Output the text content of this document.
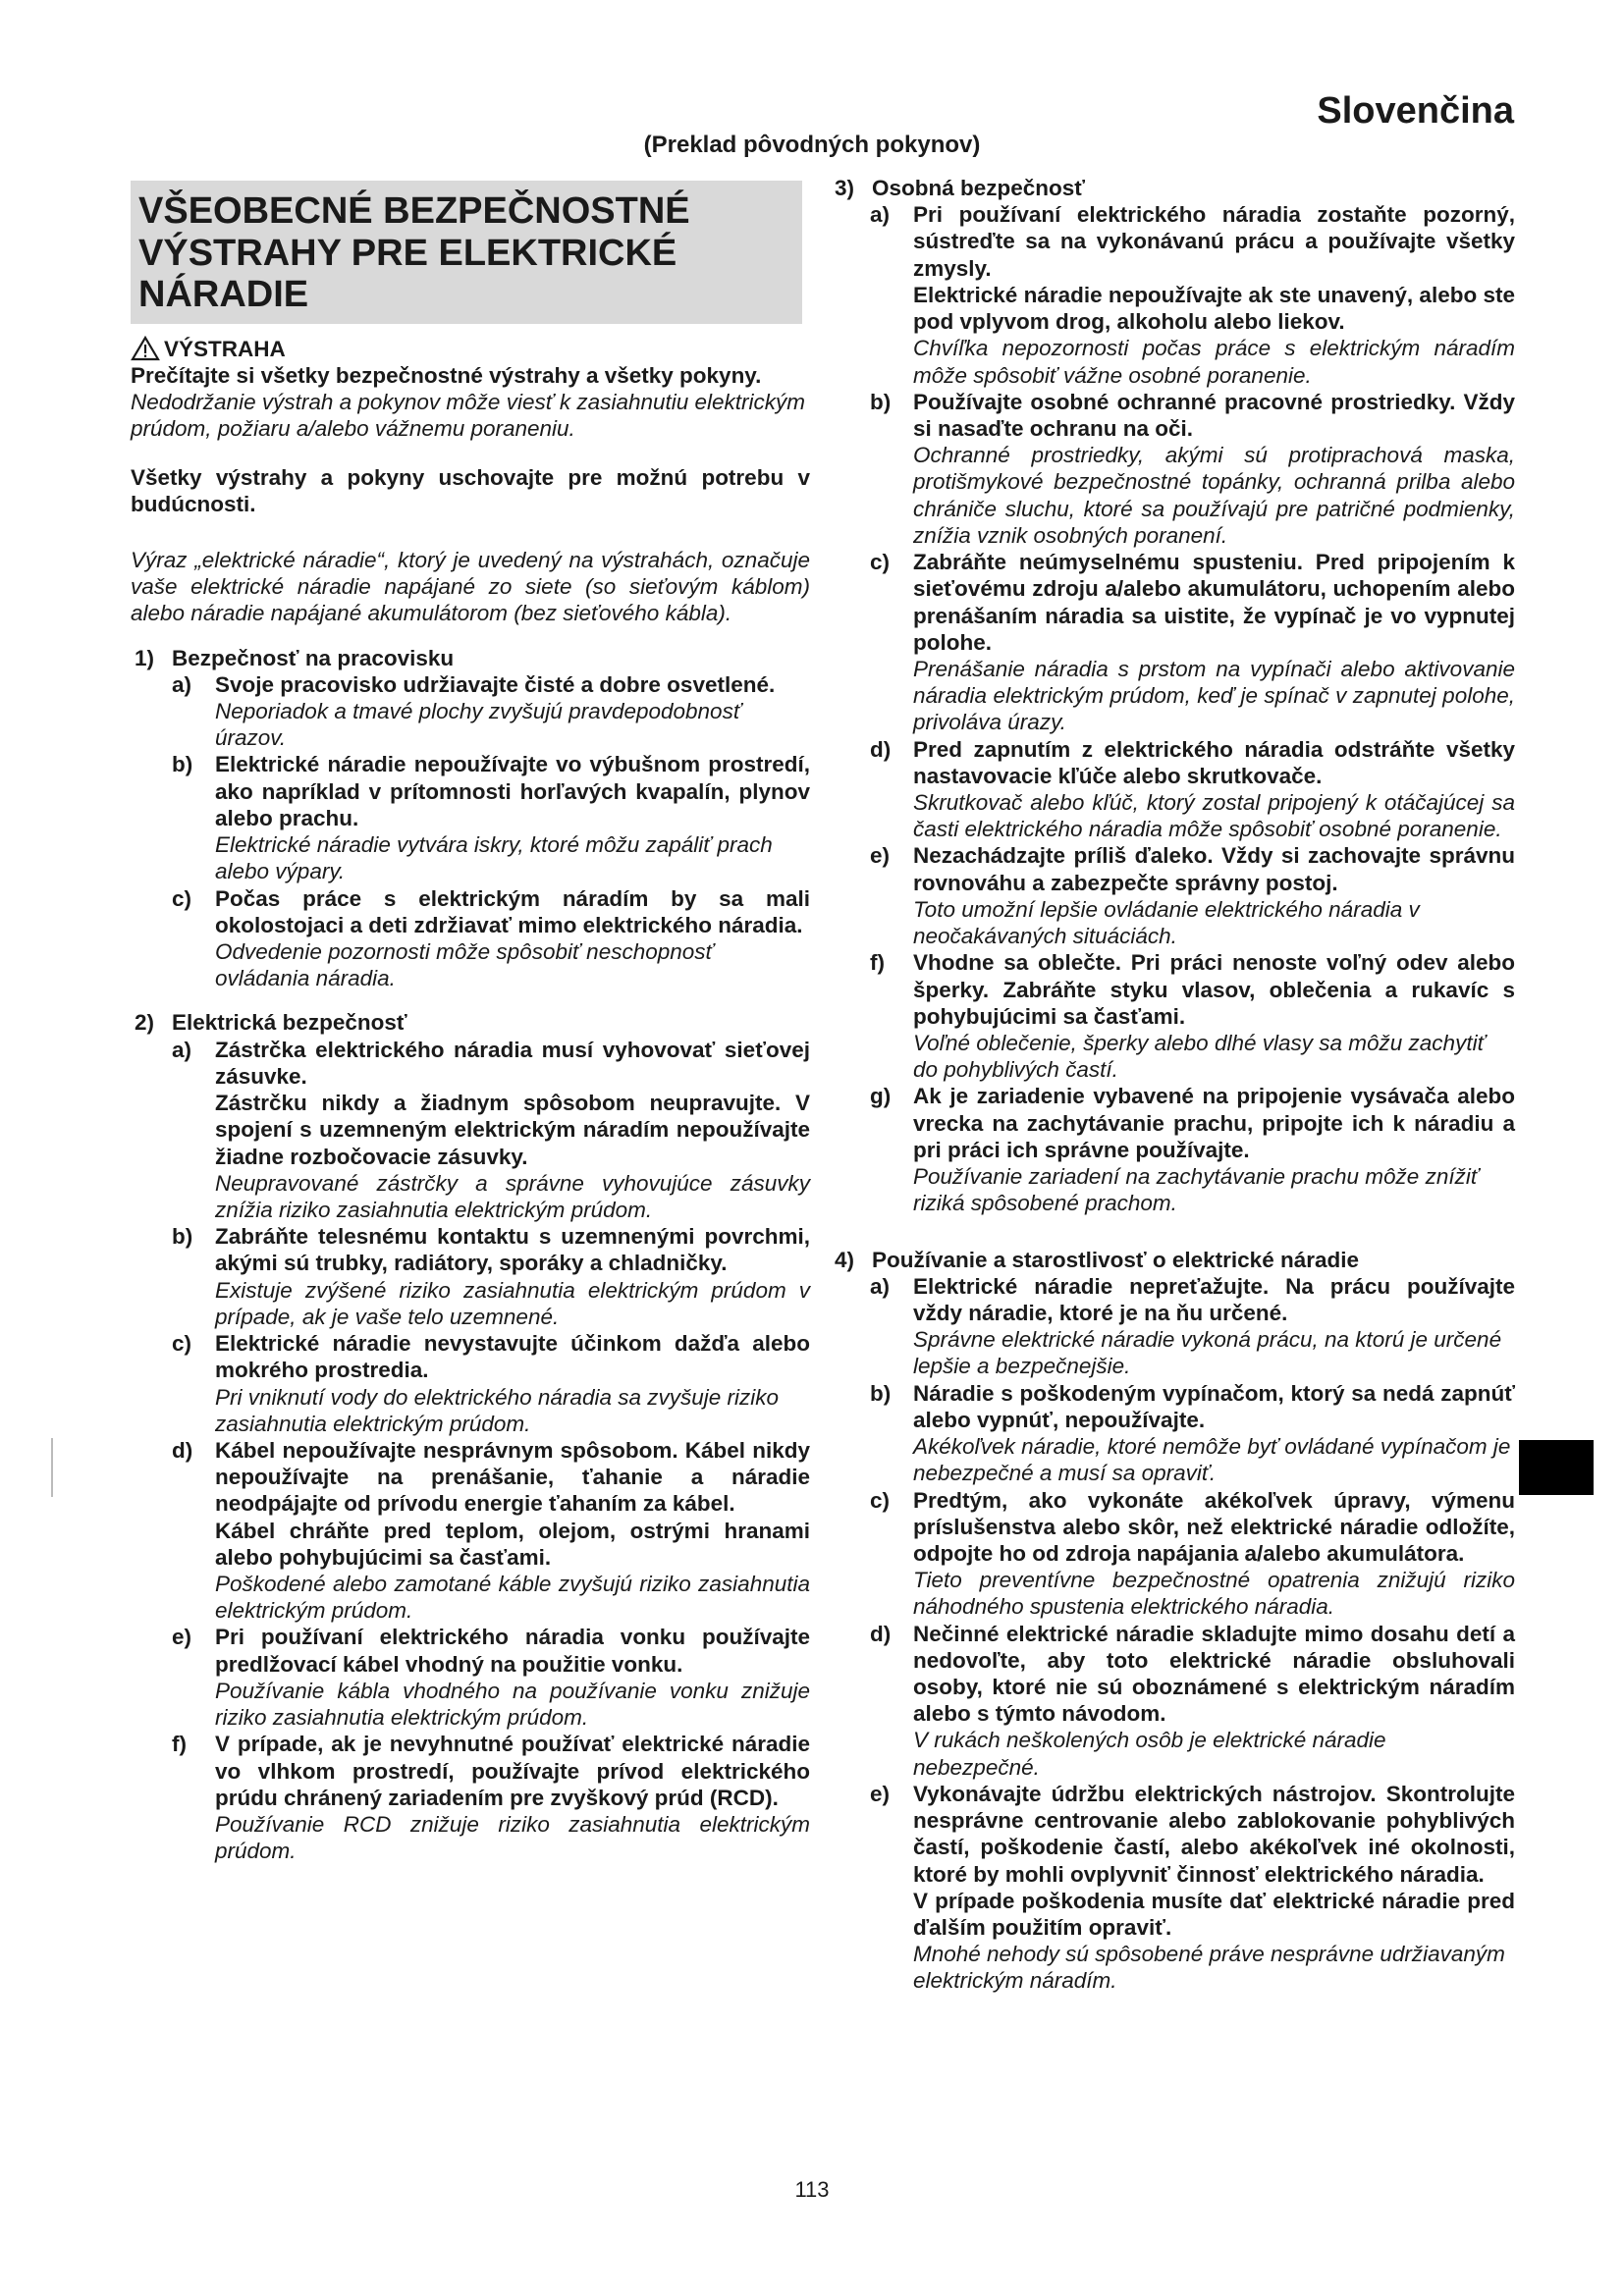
Slovenčina
(Preklad pôvodných pokynov)
VŠEOBECNÉ BEZPEČNOSTNÉ VÝSTRAHY PRE ELEKTRICKÉ NÁRADIE
VÝSTRAHA

Prečítajte si všetky bezpečnostné výstrahy a všetky pokyny.

Nedodržanie výstrah a pokynov môže viesť k zasiahnutiu elektrickým prúdom, požiaru a/alebo vážnemu poraneniu.

Všetky výstrahy a pokyny uschovajte pre možnú potrebu v budúcnosti.

Výraz „elektrické náradie“, ktorý je uvedený na výstrahách, označuje vaše elektrické náradie napájané zo siete (so sieťovým káblom) alebo náradie napájané akumulátorom (bez sieťového kábla).

1) Bezpečnosť na pracovisku

a) Svoje pracovisko udržiavajte čisté a dobre osvetlené.

Neporiadok a tmavé plochy zvyšujú pravdepodobnosť úrazov.

b) Elektrické náradie nepoužívajte vo výbušnom prostredí, ako napríklad v prítomnosti horľavých kvapalín, plynov alebo prachu.

Elektrické náradie vytvára iskry, ktoré môžu zapáliť prach alebo výpary.

c) Počas práce s elektrickým náradím by sa mali okolostojaci a deti zdržiavať mimo elektrického náradia.

Odvedenie pozornosti môže spôsobiť neschopnosť ovládania náradia.

2) Elektrická bezpečnosť

a) Zástrčka elektrického náradia musí vyhovovať sieťovej zásuvke.

Zástrčku nikdy a žiadnym spôsobom neupravujte. V spojení s uzemneným elektrickým náradím nepoužívajte žiadne rozbočovacie zásuvky.

Neupravované zástrčky a správne vyhovujúce zásuvky znížia riziko zasiahnutia elektrickým prúdom.

b) Zabráňte telesnému kontaktu s uzemnenými povrchmi, akými sú trubky, radiátory, sporáky a chladničky.

Existuje zvýšené riziko zasiahnutia elektrickým prúdom v prípade, ak je vaše telo uzemnené.

c) Elektrické náradie nevystavujte účinkom dažďa alebo mokrého prostredia.

Pri vniknutí vody do elektrického náradia sa zvyšuje riziko zasiahnutia elektrickým prúdom.

d) Kábel nepoužívajte nesprávnym spôsobom. Kábel nikdy nepoužívajte na prenášanie, ťahanie a náradie neodpájajte od prívodu energie ťahaním za kábel.

Kábel chráňte pred teplom, olejom, ostrými hranami alebo pohybujúcimi sa časťami.

Poškodené alebo zamotané káble zvyšujú riziko zasiahnutia elektrickým prúdom.

e) Pri používaní elektrického náradia vonku používajte predlžovací kábel vhodný na použitie vonku.

Používanie kábla vhodného na používanie vonku znižuje riziko zasiahnutia elektrickým prúdom.

f) V prípade, ak je nevyhnutné používať elektrické náradie vo vlhkom prostredí, používajte prívod elektrického prúdu chránený zariadením pre zvyškový prúd (RCD).

Používanie RCD znižuje riziko zasiahnutia elektrickým prúdom.

3) Osobná bezpečnosť

a) Pri používaní elektrického náradia zostaňte pozorný, sústreďte sa na vykonávanú prácu a používajte všetky zmysly.

Elektrické náradie nepoužívajte ak ste unavený, alebo ste pod vplyvom drog, alkoholu alebo liekov.

Chvíľka nepozornosti počas práce s elektrickým náradím môže spôsobiť vážne osobné poranenie.

b) Používajte osobné ochranné pracovné prostriedky. Vždy si nasaďte ochranu na oči.

Ochranné prostriedky, akými sú protiprachová maska, protišmykové bezpečnostné topánky, ochranná prilba alebo chrániče sluchu, ktoré sa používajú pre patričné podmienky, znížia vznik osobných poranení.

c) Zabráňte neúmyselnému spusteniu. Pred pripojením k sieťovému zdroju a/alebo akumulátoru, uchopením alebo prenášaním náradia sa uistite, že vypínač je vo vypnutej polohe.

Prenášanie náradia s prstom na vypínači alebo aktivovanie náradia elektrickým prúdom, keď je spínač v zapnutej polohe, privoláva úrazy.

d) Pred zapnutím z elektrického náradia odstráňte všetky nastavovacie kľúče alebo skrutkovače.

Skrutkovač alebo kľúč, ktorý zostal pripojený k otáčajúcej sa časti elektrického náradia môže spôsobiť osobné poranenie.

e) Nezachádzajte príliš ďaleko. Vždy si zachovajte správnu rovnováhu a zabezpečte správny postoj.

Toto umožní lepšie ovládanie elektrického náradia v neočakávaných situáciách.

f) Vhodne sa oblečte. Pri práci nenoste voľný odev alebo šperky. Zabráňte styku vlasov, oblečenia a rukavíc s pohybujúcimi sa časťami.

Voľné oblečenie, šperky alebo dlhé vlasy sa môžu zachytiť do pohyblivých častí.

g) Ak je zariadenie vybavené na pripojenie vysávača alebo vrecka na zachytávanie prachu, pripojte ich k náradiu a pri práci ich správne používajte.

Používanie zariadení na zachytávanie prachu môže znížiť riziká spôsobené prachom.

4) Používanie a starostlivosť o elektrické náradie

a) Elektrické náradie nepreťažujte. Na prácu používajte vždy náradie, ktoré je na ňu určené.

Správne elektrické náradie vykoná prácu, na ktorú je určené lepšie a bezpečnejšie.

b) Náradie s poškodeným vypínačom, ktorý sa nedá zapnúť alebo vypnúť, nepoužívajte.

Akékoľvek náradie, ktoré nemôže byť ovládané vypínačom je nebezpečné a musí sa opraviť.

c) Predtým, ako vykonáte akékoľvek úpravy, výmenu príslušenstva alebo skôr, než elektrické náradie odložíte, odpojte ho od zdroja napájania a/alebo akumulátora.

Tieto preventívne bezpečnostné opatrenia znižujú riziko náhodného spustenia elektrického náradia.

d) Nečinné elektrické náradie skladujte mimo dosahu detí a nedovoľte, aby toto elektrické náradie obsluhovali osoby, ktoré nie sú oboznámené s elektrickým náradím alebo s týmto návodom.

V rukách neškolených osôb je elektrické náradie nebezpečné.

e) Vykonávajte údržbu elektrických nástrojov. Skontrolujte nesprávne centrovanie alebo zablokovanie pohyblivých častí, poškodenie častí, alebo akékoľvek iné okolnosti, ktoré by mohli ovplyvniť činnosť elektrického náradia.

V prípade poškodenia musíte dať elektrické náradie pred ďalším použitím opraviť.

Mnohé nehody sú spôsobené práve nesprávne udržiavaným elektrickým náradím.

113
